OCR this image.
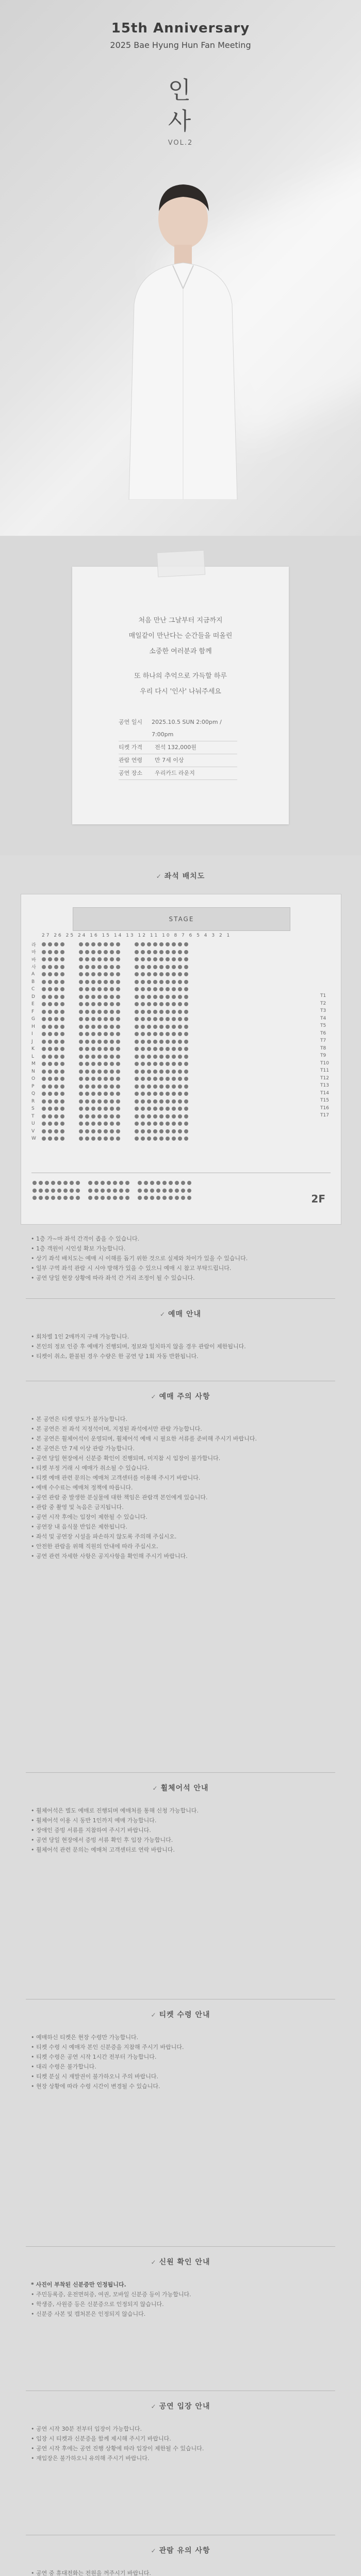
15th Anniversary
2025 Bae Hyung Hun Fan Meeting
인
사
VOL.2
처음 만난 그날부터 지금까지
매일같이 만난다는 순간들을 떠올린
소중한 여러분과 함께
또 하나의 추억으로 가득할 하루
우리 다시 '인사' 나눠주세요
공연 일시	2025.10.5 SUN 2:00pm / 7:00pm
티켓 가격	전석 132,000원
관람 연령	만 7세 이상
공연 장소	우리카드 라운지
✓ 좌석 배치도
STAGE
27 26 25 24 16 15 14 13 12 11 10 8 7 6 5 4 3 2 1
라
마
바
사
A
B
C
D
E
F
G
H
I
J
K
L
M
N
O
P
Q
R
S
T
U
V
W
T1
T2
T3
T4
T5
T6
T7
T8
T9
T10
T11
T12
T13
T14
T15
T16
T17
2F

• 1층 가~마 좌석 간격이 좁을 수 있습니다.

• 1층 객원이 시인성 확보 가능합니다.

• 상기 좌석 배치도는 예매 시 이해를 돕기 위한 것으로 실제와 차이가 있을 수 있습니다.

• 일부 구역 좌석 관람 시 시야 방해가 있을 수 있으니 예매 시 참고 부탁드립니다.

• 공연 당일 현장 상황에 따라 좌석 간 거리 조정이 될 수 있습니다.

✓ 예매 안내

• 회차별 1인 2매까지 구매 가능합니다.

• 본인의 정보 인증 후 예매가 진행되며, 정보와 일치하지 않을 경우 관람이 제한됩니다.

• 티켓이 취소, 환불된 경우 수량은 한 공연 당 1회 자동 반환됩니다.

✓ 예매 주의 사항

• 본 공연은 티켓 양도가 불가능합니다.

• 본 공연은 전 좌석 지정석이며, 지정된 좌석에서만 관람 가능합니다.

• 본 공연은 휠체어석이 운영되며, 휠체어석 예매 시 필요한 서류를 준비해 주시기 바랍니다.

• 본 공연은 만 7세 이상 관람 가능합니다.

• 공연 당일 현장에서 신분증 확인이 진행되며, 미지참 시 입장이 불가합니다.

• 티켓 부정 거래 시 예매가 취소될 수 있습니다.

• 티켓 예매 관련 문의는 예매처 고객센터를 이용해 주시기 바랍니다.

• 예매 수수료는 예매처 정책에 따릅니다.

• 공연 관람 중 발생한 분실물에 대한 책임은 관람객 본인에게 있습니다.

• 관람 중 촬영 및 녹음은 금지됩니다.

• 공연 시작 후에는 입장이 제한될 수 있습니다.

• 공연장 내 음식물 반입은 제한됩니다.

• 좌석 및 공연장 시설을 파손하지 않도록 주의해 주십시오.

• 안전한 관람을 위해 직원의 안내에 따라 주십시오.

• 공연 관련 자세한 사항은 공지사항을 확인해 주시기 바랍니다.

✓ 휠체어석 안내

• 휠체어석은 별도 예매로 진행되며 예매처를 통해 신청 가능합니다.

• 휠체어석 이용 시 동반 1인까지 예매 가능합니다.

• 장애인 증빙 서류를 지참하여 주시기 바랍니다.

• 공연 당일 현장에서 증빙 서류 확인 후 입장 가능합니다.

• 휠체어석 관련 문의는 예매처 고객센터로 연락 바랍니다.

✓ 티켓 수령 안내

• 예매하신 티켓은 현장 수령만 가능합니다.

• 티켓 수령 시 예매자 본인 신분증을 지참해 주시기 바랍니다.

• 티켓 수령은 공연 시작 1시간 전부터 가능합니다.

• 대리 수령은 불가합니다.

• 티켓 분실 시 재발권이 불가하오니 주의 바랍니다.

• 현장 상황에 따라 수령 시간이 변경될 수 있습니다.

✓ 신원 확인 안내

* 사진이 부착된 신분증만 인정됩니다.

• 주민등록증, 운전면허증, 여권, 모바일 신분증 등이 가능합니다.

• 학생증, 사원증 등은 신분증으로 인정되지 않습니다.

• 신분증 사본 및 캡처본은 인정되지 않습니다.

✓ 공연 입장 안내

• 공연 시작 30분 전부터 입장이 가능합니다.

• 입장 시 티켓과 신분증을 함께 제시해 주시기 바랍니다.

• 공연 시작 후에는 공연 진행 상황에 따라 입장이 제한될 수 있습니다.

• 재입장은 불가하오니 유의해 주시기 바랍니다.

✓ 관람 유의 사항

• 공연 중 휴대전화는 전원을 꺼주시기 바랍니다.
